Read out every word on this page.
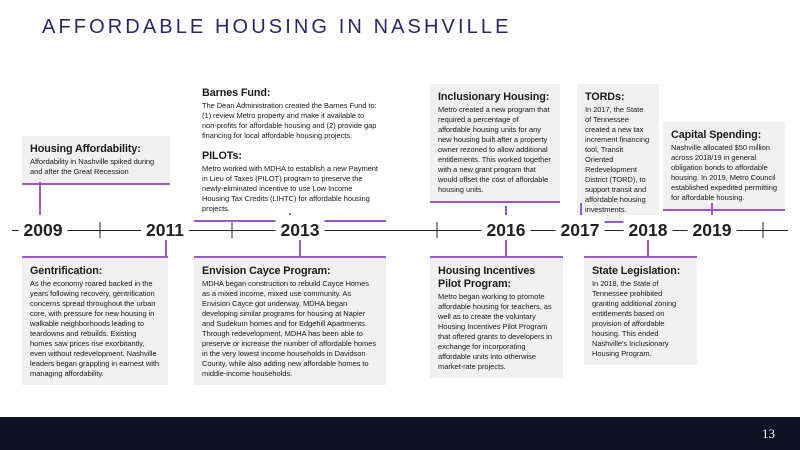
AFFORDABLE HOUSING IN NASHVILLE
Housing Affordability:

Affordability in Nashville spiked during and after the Great Recession

Barnes Fund:

The Dean Administration created the Barnes Fund to: (1) review Metro property and make it available to non-profits for affordable housing and (2) provide gap financing for local affordable housing projects.

PILOTs:

Metro worked with MDHA to establish a new Payment in Lieu of Taxes (PILOT) program to preserve the newly-eliminated incentive to use Low Income Housing Tax Credits (LIHTC) for affordable housing projects.

Inclusionary Housing:

Metro created a new program that required a percentage of affordable housing units for any new housing built after a property owner rezoned to allow additional entitlements. This worked together with a new grant program that would offset the cost of affordable housing units.

TORDs:

In 2017, the State of Tennessee created a new tax increment financing tool, Transit Oriented Redevelopment District (TORD), to support transit and affordable housing investments.

Capital Spending:

Nashville allocated $50 million across 2018/19 in general obligation bonds to affordable housing. In 2019, Metro Council established expedited permitting for affordable housing.

2009	2011	2013	2016 2017 2018 2019
Gentrification:

As the economy roared backed in the years following recovery, gentrification concerns spread throughout the urban core, with pressure for new housing in walkable neighborhoods leading to teardowns and rebuilds. Existing homes saw prices rise exorbitantly, even without redevelopment. Nashville leaders began grappling in earnest with managing affordability.

Envision Cayce Program:

MDHA began construction to rebuild Cayce Homes as a mixed income, mixed use community. As Envision Cayce got underway, MDHA began developing similar programs for housing at Napier and Sudekum homes and for Edgehill Apartments. Through redevelopment, MDHA has been able to preserve or increase the number of affordable homes in the very lowest income households in Davidson County, while also adding new affordable homes to middle-income households.

Housing Incentives Pilot Program:

Metro began working to promote affordable housing for teachers, as well as to create the voluntary Housing Incentives Pilot Program that offered grants to developers in exchange for incorporating affordable units into otherwise market-rate projects.

State Legislation:

In 2018, the State of Tennessee prohibited granting additional zoning entitlements based on provision of affordable housing. This ended Nashville's Inclusionary Housing Program.

13
